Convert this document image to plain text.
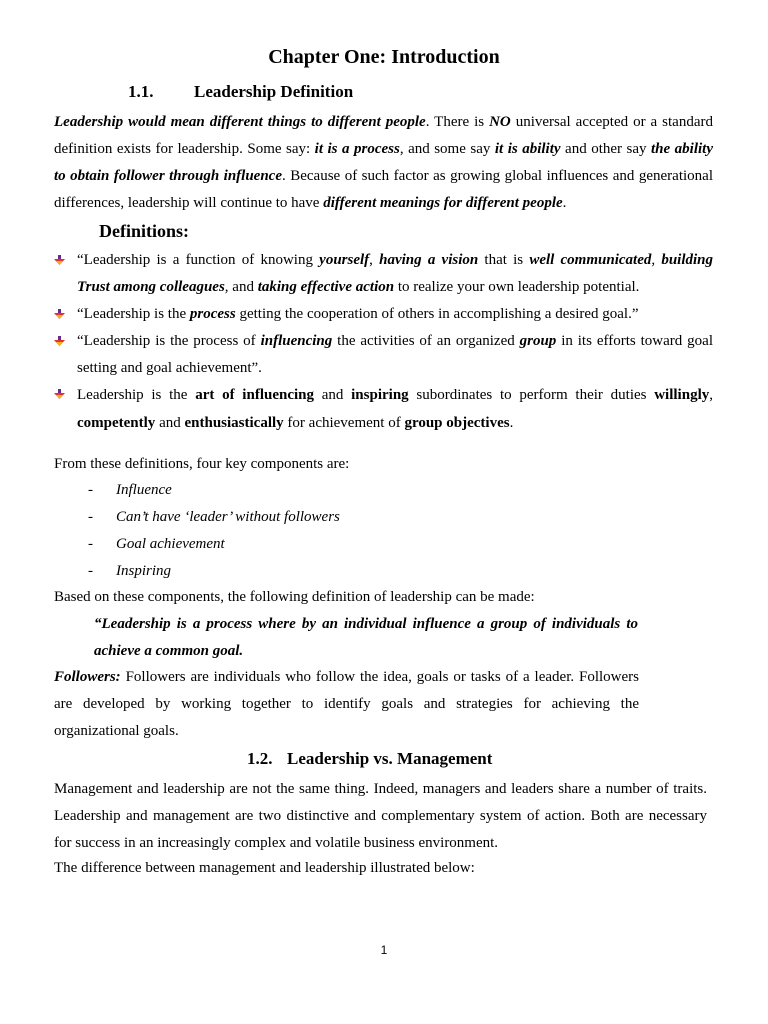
Chapter One: Introduction
1.1. Leadership Definition

Leadership would mean different things to different people. There is NO universal accepted or a standard definition exists for leadership. Some say: it is a process, and some say it is ability and other say the ability to obtain follower through influence. Because of such factor as growing global influences and generational differences, leadership will continue to have different meanings for different people.

Definitions:
“Leadership is a function of knowing yourself, having a vision that is well communicated, building Trust among colleagues, and taking effective action to realize your own leadership potential.
“Leadership is the process getting the cooperation of others in accomplishing a desired goal.”
“Leadership is the process of influencing the activities of an organized group in its efforts toward goal setting and goal achievement”.
Leadership is the art of influencing and inspiring subordinates to perform their duties willingly, competently and enthusiastically for achievement of group objectives.
From these definitions, four key components are:
- Influence
- Can’t have ‘leader’ without followers
- Goal achievement
- Inspiring
Based on these components, the following definition of leadership can be made:
“Leadership is a process where by an individual influence a group of individuals to achieve a common goal.

Followers: Followers are individuals who follow the idea, goals or tasks of a leader. Followers are developed by working together to identify goals and strategies for achieving the organizational goals.

1.2. Leadership vs. Management

Management and leadership are not the same thing. Indeed, managers and leaders share a number of traits. Leadership and management are two distinctive and complementary system of action. Both are necessary for success in an increasingly complex and volatile business environment.

The difference between management and leadership illustrated below:
1
